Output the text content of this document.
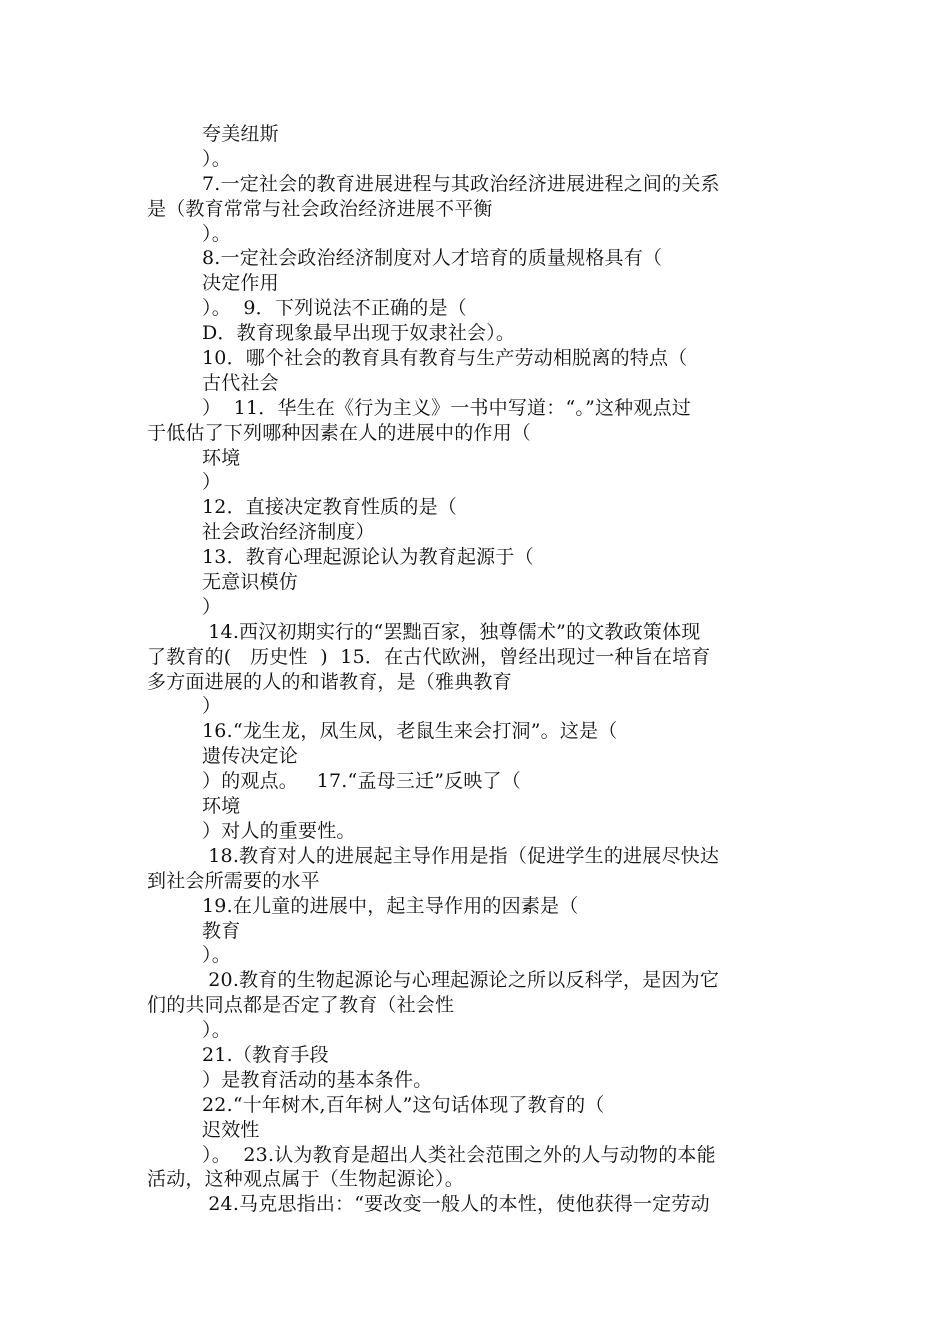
夸美纽斯
）。
7.一定社会的教育进展进程与其政治经济进展进程之间的关系
是（教育常常与社会政治经济进展不平衡
）。
8.一定社会政治经济制度对人才培育的质量规格具有（
决定作用
）。  9．下列说法不正确的是（
D．教育现象最早出现于奴隶社会）。
10．哪个社会的教育具有教育与生产劳动相脱离的特点（
古代社会
）  11．华生在《行为主义》一书中写道：“。”这种观点过
于低估了下列哪种因素在人的进展中的作用（
环境
）
12．直接决定教育性质的是（
社会政治经济制度）
13．教育心理起源论认为教育起源于（
无意识模仿
）
14.西汉初期实行的“罢黜百家，独尊儒术”的文教政策体现
了教育的(   历史性  )  15．在古代欧洲，曾经出现过一种旨在培育
多方面进展的人的和谐教育，是（雅典教育
）
16.“龙生龙，凤生凤，老鼠生来会打洞”。这是（
遗传决定论
）的观点。   17.“孟母三迁”反映了（
环境
）对人的重要性。
18.教育对人的进展起主导作用是指（促进学生的进展尽快达
到社会所需要的水平
19.在儿童的进展中，起主导作用的因素是（
教育
）。
20.教育的生物起源论与心理起源论之所以反科学，是因为它
们的共同点都是否定了教育（社会性
）。
21.（教育手段
）是教育活动的基本条件。
22.“十年树木,百年树人”这句话体现了教育的（
迟效性
）。  23.认为教育是超出人类社会范围之外的人与动物的本能
活动，这种观点属于（生物起源论）。
24.马克思指出：“要改变一般人的本性，使他获得一定劳动
